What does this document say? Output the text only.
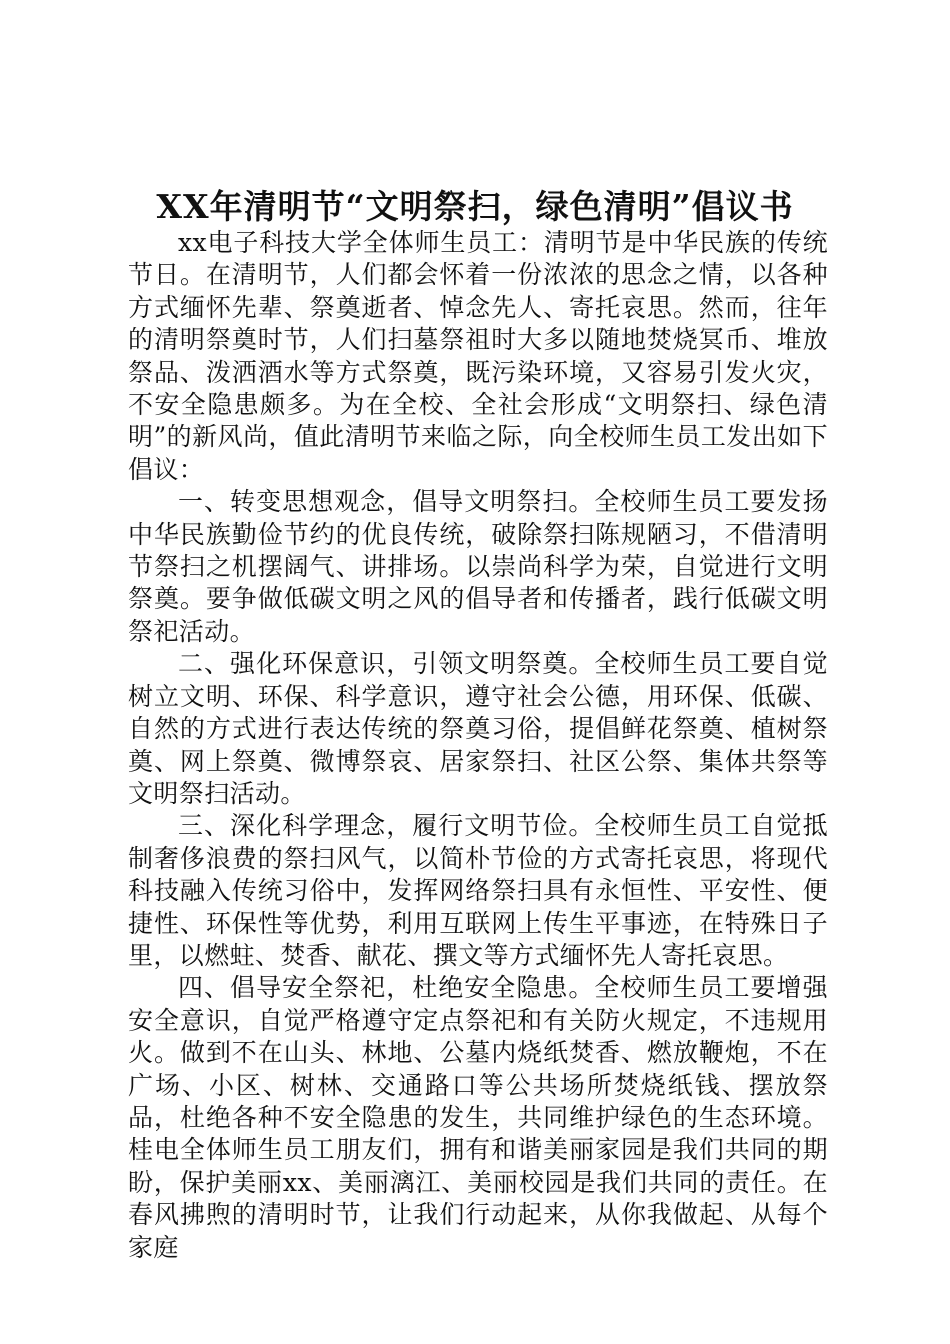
XX年清明节“文明祭扫，绿色清明”倡议书

xx电子科技大学全体师生员工：清明节是中华民族的传统节日。在清明节，人们都会怀着一份浓浓的思念之情，以各种方式缅怀先辈、祭奠逝者、悼念先人、寄托哀思。然而，往年的清明祭奠时节，人们扫墓祭祖时大多以随地焚烧冥币、堆放祭品、泼洒酒水等方式祭奠，既污染环境，又容易引发火灾，不安全隐患颇多。为在全校、全社会形成“文明祭扫、绿色清明”的新风尚，值此清明节来临之际，向全校师生员工发出如下倡议：

一、转变思想观念，倡导文明祭扫。全校师生员工要发扬中华民族勤俭节约的优良传统，破除祭扫陈规陋习，不借清明节祭扫之机摆阔气、讲排场。以崇尚科学为荣，自觉进行文明祭奠。要争做低碳文明之风的倡导者和传播者，践行低碳文明祭祀活动。

二、强化环保意识，引领文明祭奠。全校师生员工要自觉树立文明、环保、科学意识，遵守社会公德，用环保、低碳、自然的方式进行表达传统的祭奠习俗，提倡鲜花祭奠、植树祭奠、网上祭奠、微博祭哀、居家祭扫、社区公祭、集体共祭等文明祭扫活动。

三、深化科学理念，履行文明节俭。全校师生员工自觉抵制奢侈浪费的祭扫风气，以简朴节俭的方式寄托哀思，将现代科技融入传统习俗中，发挥网络祭扫具有永恒性、平安性、便捷性、环保性等优势，利用互联网上传生平事迹，在特殊日子里，以燃蛀、焚香、献花、撰文等方式缅怀先人寄托哀思。

四、倡导安全祭祀，杜绝安全隐患。全校师生员工要增强安全意识，自觉严格遵守定点祭祀和有关防火规定，不违规用火。做到不在山头、林地、公墓内烧纸焚香、燃放鞭炮，不在广场、小区、树林、交通路口等公共场所焚烧纸钱、摆放祭品，杜绝各种不安全隐患的发生，共同维护绿色的生态环境。桂电全体师生员工朋友们，拥有和谐美丽家园是我们共同的期盼，保护美丽xx、美丽漓江、美丽校园是我们共同的责任。在春风拂煦的清明时节，让我们行动起来，从你我做起、从每个家庭
